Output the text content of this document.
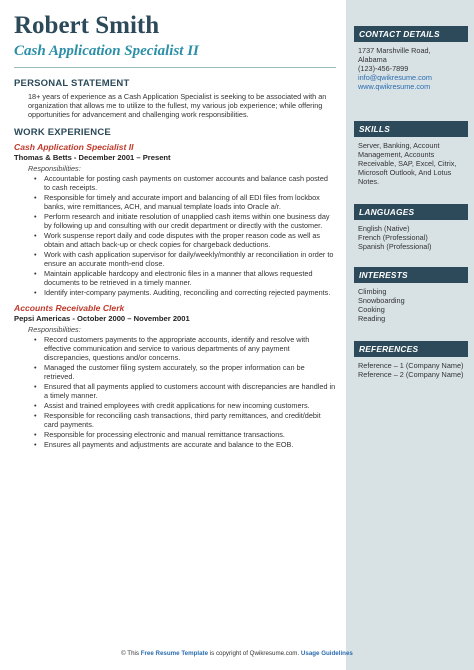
Robert Smith
Cash Application Specialist II
PERSONAL STATEMENT
18+ years of experience as a Cash Application Specialist is seeking to be associated with an organization that allows me to utilize to the fullest, my various job experience; while offering opportunities for advancement and challenging work responsibilities.
WORK EXPERIENCE
Cash Application Specialist II
Thomas & Betts - December 2001 – Present
Responsibilities:
• Accountable for posting cash payments on customer accounts and balance cash posted to cash receipts.
• Responsible for timely and accurate import and balancing of all EDI files from lockbox banks, wire remittances, ACH, and manual template loads into Oracle a/r.
• Perform research and initiate resolution of unapplied cash items within one business day by following up and consulting with our credit department or directly with the customer.
• Work suspense report daily and code disputes with the proper reason code as well as obtain and attach back-up or check copies for chargeback deductions.
• Work with cash application supervisor for daily/weekly/monthly ar reconciliation in order to ensure an accurate month-end close.
• Maintain applicable hardcopy and electronic files in a manner that allows requested documents to be retrieved in a timely manner.
• Identify inter-company payments. Auditing, reconciling and correcting rejected payments.
Accounts Receivable Clerk
Pepsi Americas - October 2000 – November 2001
Responsibilities:
• Record customers payments to the appropriate accounts, identify and resolve with effective communication and service to various departments of any payment discrepancies, questions and/or concerns.
• Managed the customer filing system accurately, so the proper information can be retrieved.
• Ensured that all payments applied to customers account with discrepancies are handled in a timely manner.
• Assist and trained employees with credit applications for new incoming customers.
• Responsible for reconciling cash transactions, third party remittances, and credit/debit card payments.
• Responsible for processing electronic and manual remittance transactions.
• Ensures all payments and adjustments are accurate and balance to the EOB.
CONTACT DETAILS
1737 Marshville Road,
Alabama
(123)-456-7899
info@qwikresume.com
www.qwikresume.com
SKILLS
Server, Banking, Account Management, Accounts Receivable, SAP, Excel, Citrix, Microsoft Outlook, And Lotus Notes.
LANGUAGES
English (Native)
French (Professional)
Spanish (Professional)
INTERESTS
Climbing
Snowboarding
Cooking
Reading
REFERENCES
Reference – 1 (Company Name)
Reference – 2 (Company Name)
© This Free Resume Template is copyright of Qwikresume.com. Usage Guidelines
